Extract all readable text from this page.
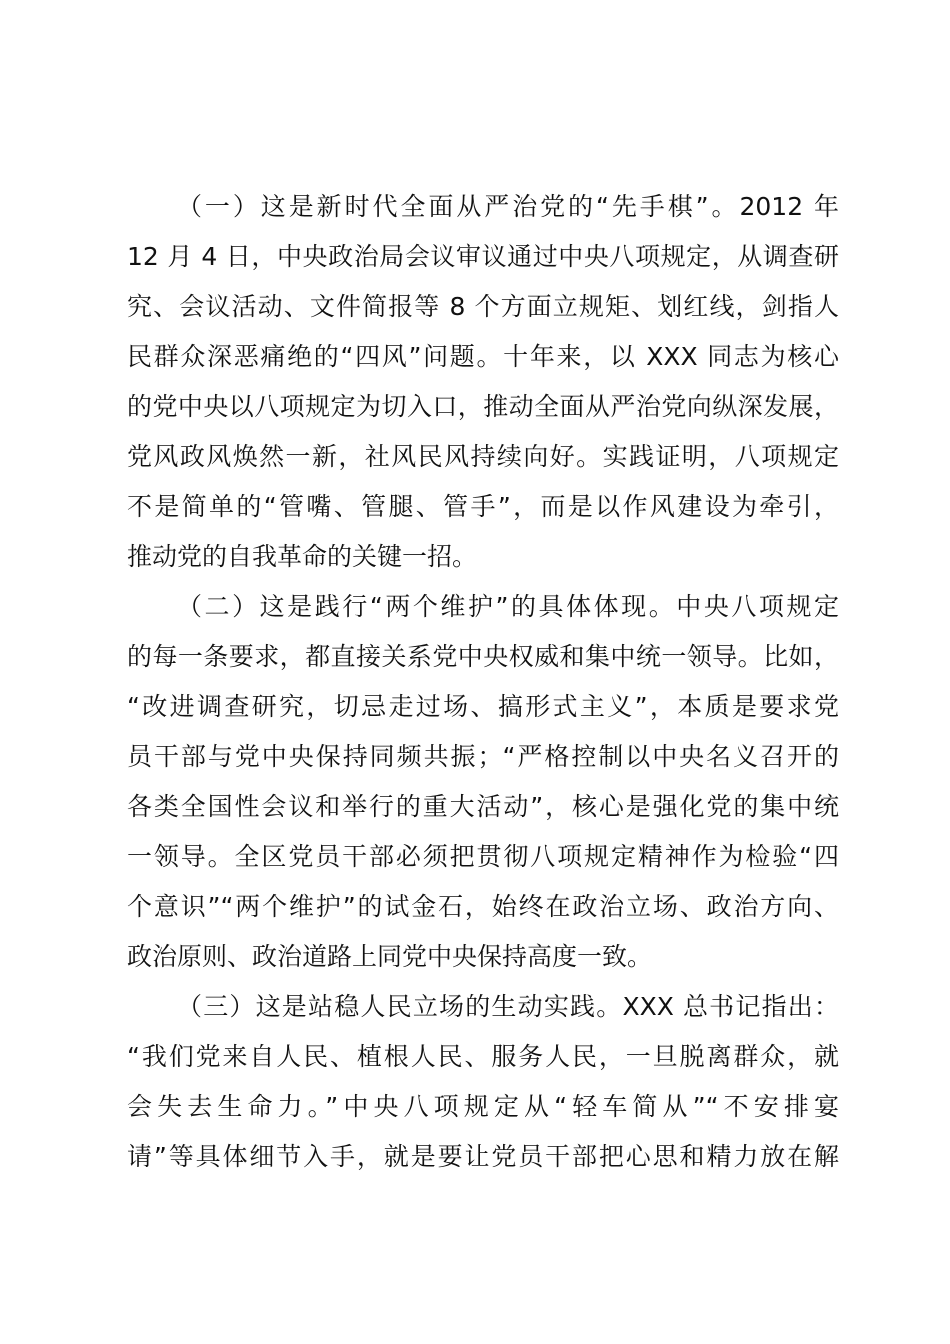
（一）这是新时代全面从严治党的“先手棋”。2012 年
12 月 4 日，中央政治局会议审议通过中央八项规定，从调查研
究、会议活动、文件简报等 8 个方面立规矩、划红线，剑指人
民群众深恶痛绝的“四风”问题。十年来，以 XXX 同志为核心
的党中央以八项规定为切入口，推动全面从严治党向纵深发展，
党风政风焕然一新，社风民风持续向好。实践证明，八项规定
不是简单的“管嘴、管腿、管手”，而是以作风建设为牵引，
推动党的自我革命的关键一招。
（二）这是践行“两个维护”的具体体现。中央八项规定
的每一条要求，都直接关系党中央权威和集中统一领导。比如，
“改进调查研究，切忌走过场、搞形式主义”，本质是要求党
员干部与党中央保持同频共振；“严格控制以中央名义召开的
各类全国性会议和举行的重大活动”，核心是强化党的集中统
一领导。全区党员干部必须把贯彻八项规定精神作为检验“四
个意识”“两个维护”的试金石，始终在政治立场、政治方向、
政治原则、政治道路上同党中央保持高度一致。
（三）这是站稳人民立场的生动实践。XXX 总书记指出：
“我们党来自人民、植根人民、服务人民，一旦脱离群众，就
会失去生命力。”中央八项规定从“轻车简从”“不安排宴
请”等具体细节入手，就是要让党员干部把心思和精力放在解
